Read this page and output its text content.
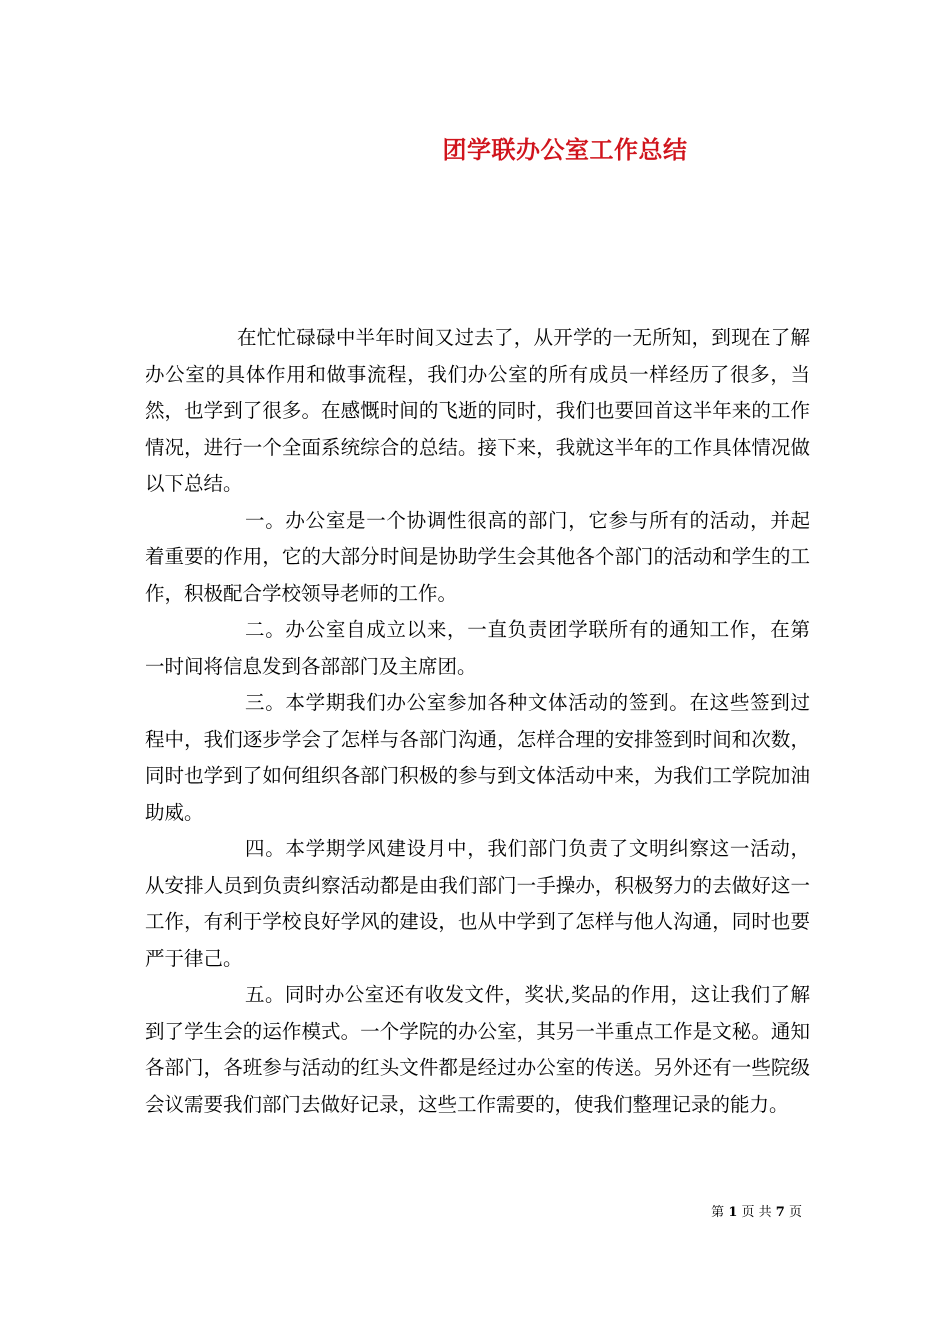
团学联办公室工作总结

在忙忙碌碌中半年时间又过去了，从开学的一无所知，到现在了解办公室的具体作用和做事流程，我们办公室的所有成员一样经历了很多，当然，也学到了很多。在感慨时间的飞逝的同时，我们也要回首这半年来的工作情况，进行一个全面系统综合的总结。接下来，我就这半年的工作具体情况做以下总结。

一。办公室是一个协调性很高的部门，它参与所有的活动，并起着重要的作用，它的大部分时间是协助学生会其他各个部门的活动和学生的工作，积极配合学校领导老师的工作。

二。办公室自成立以来，一直负责团学联所有的通知工作，在第一时间将信息发到各部部门及主席团。

三。本学期我们办公室参加各种文体活动的签到。在这些签到过程中，我们逐步学会了怎样与各部门沟通，怎样合理的安排签到时间和次数，同时也学到了如何组织各部门积极的参与到文体活动中来，为我们工学院加油助威。

四。本学期学风建设月中，我们部门负责了文明纠察这一活动，从安排人员到负责纠察活动都是由我们部门一手操办，积极努力的去做好这一工作，有利于学校良好学风的建设，也从中学到了怎样与他人沟通，同时也要严于律己。

五。同时办公室还有收发文件，奖状,奖品的作用，这让我们了解到了学生会的运作模式。一个学院的办公室，其另一半重点工作是文秘。通知各部门，各班参与活动的红头文件都是经过办公室的传送。另外还有一些院级会议需要我们部门去做好记录，这些工作需要的，使我们整理记录的能力。

第 1 页 共 7 页
